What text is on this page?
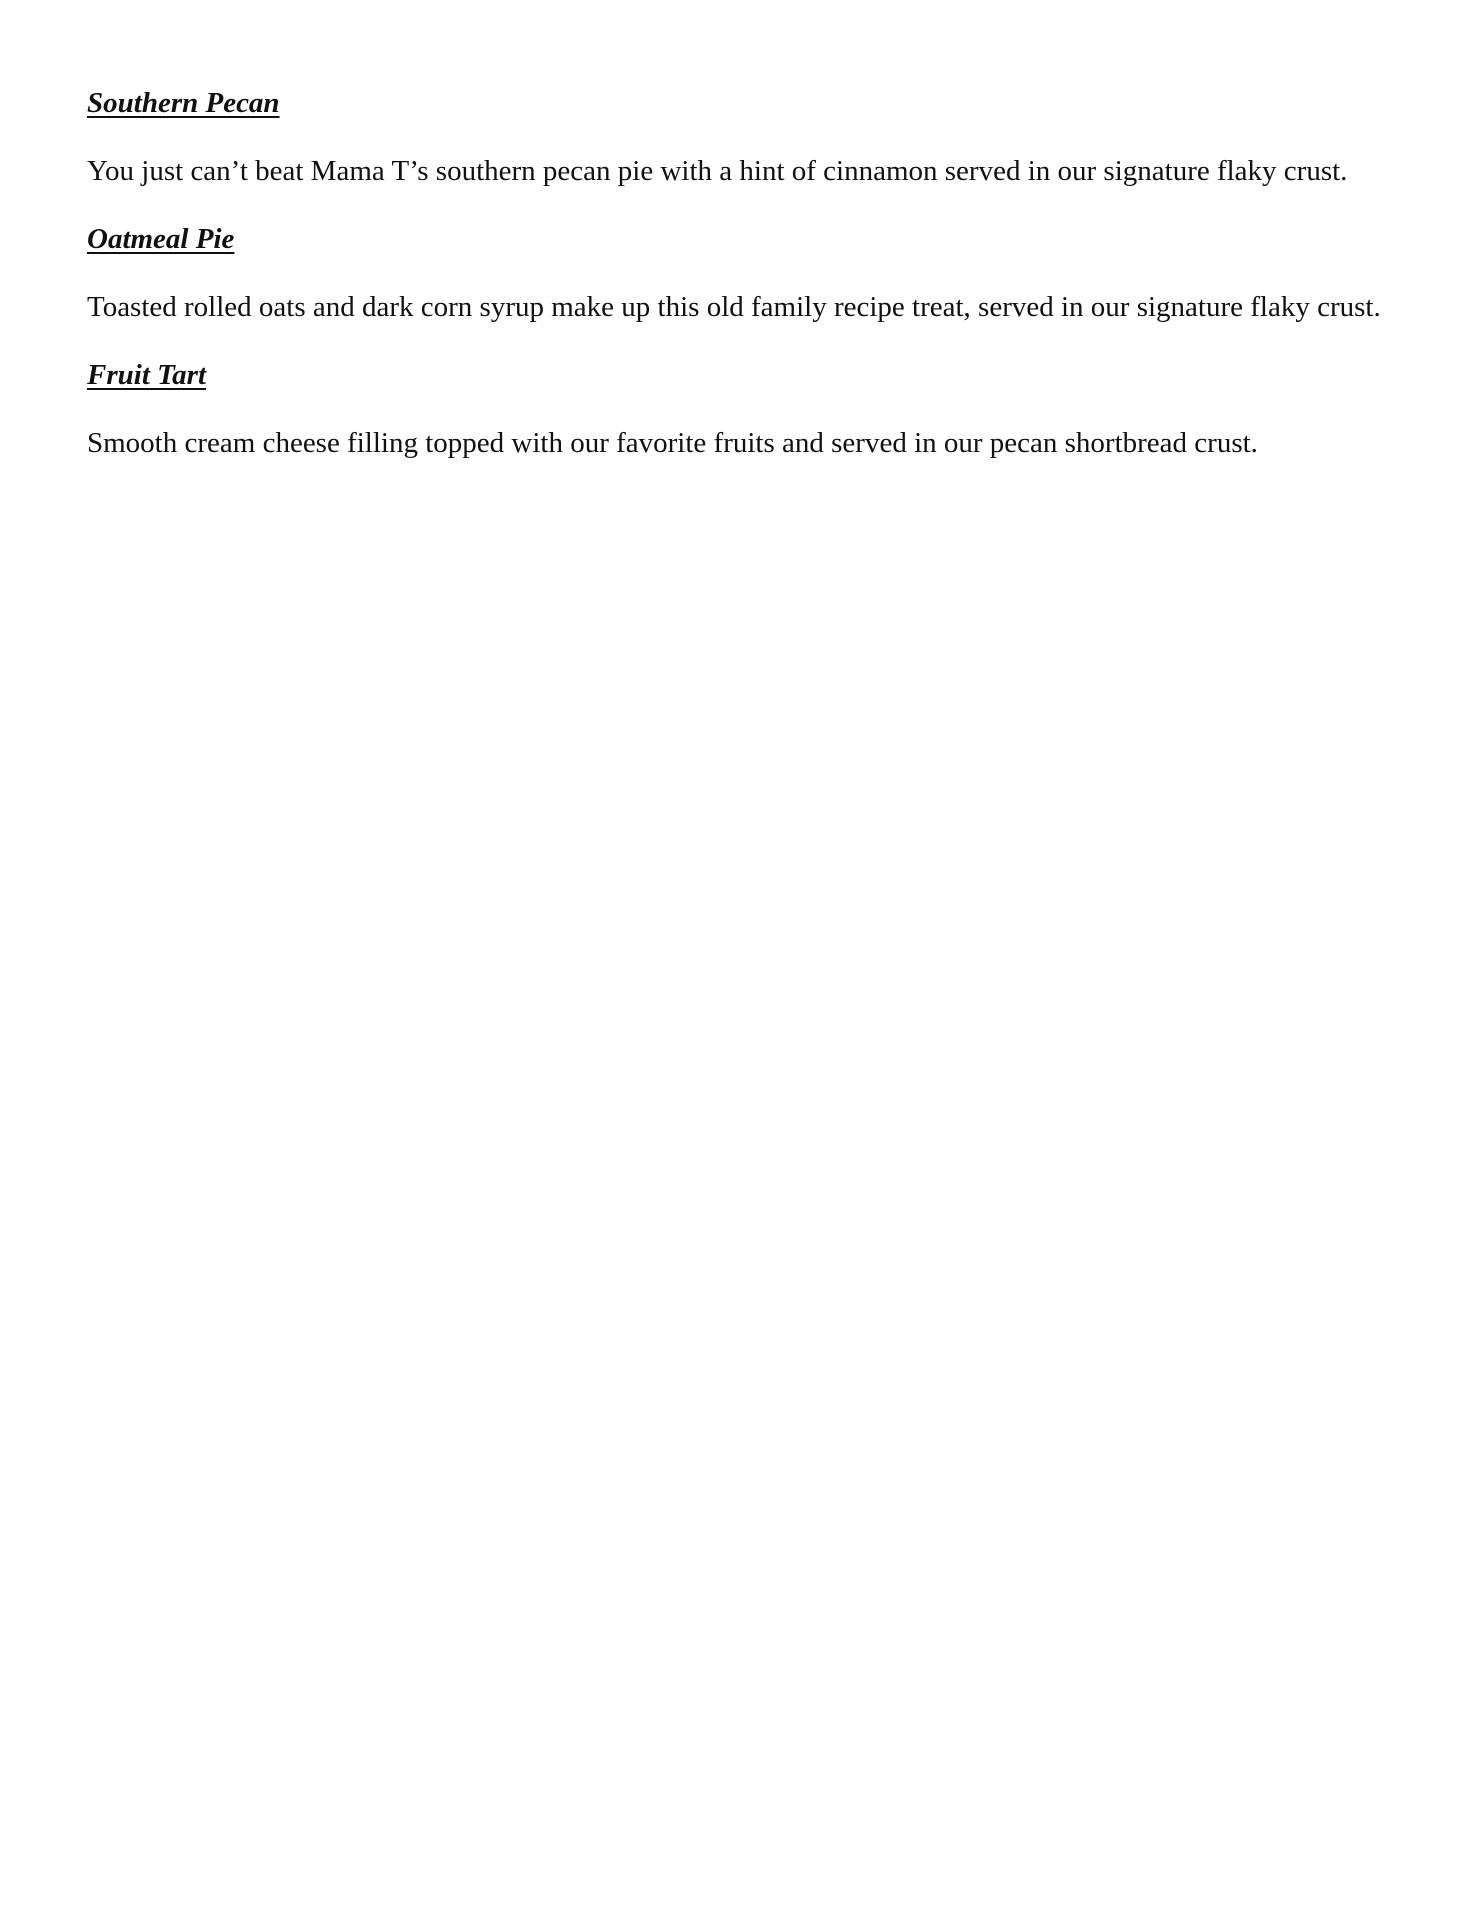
Southern Pecan

You just can’t beat Mama T’s southern pecan pie with a hint of cinnamon served in our signature flaky crust.

Oatmeal Pie

Toasted rolled oats and dark corn syrup make up this old family recipe treat, served in our signature flaky crust.

Fruit Tart

Smooth cream cheese filling topped with our favorite fruits and served in our pecan shortbread crust.
